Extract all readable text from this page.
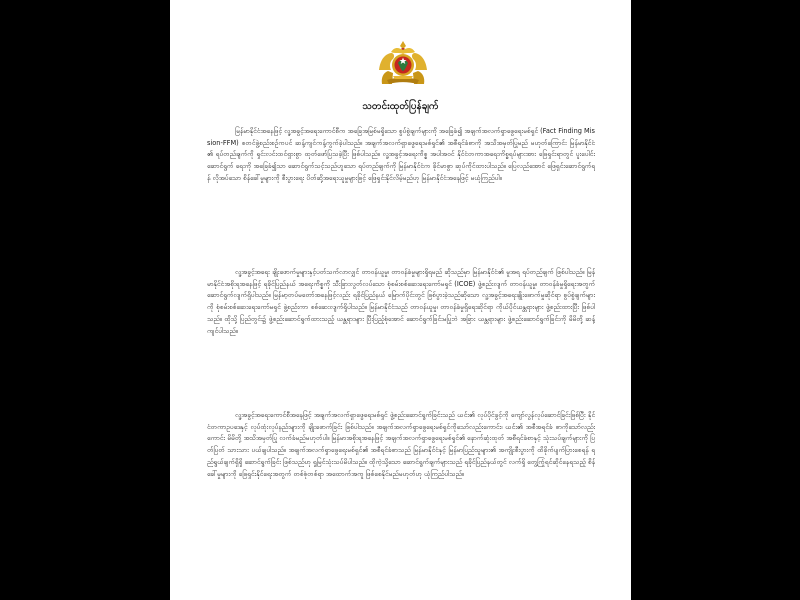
သတင်းထုတ်ပြန်ချက်

မြန်မာနိုင်ငံအနေဖြင့် လူ့အခွင့်အရေးကောင်စီက အခြေအမြစ်မရှိသော စွပ်စွဲချက်များကို အခြေခံ၍ အချက်အလက်ရှာဖွေရေးမစ်ရှင် (Fact Finding Mission-FFM) စတင်ဖွဲ့စည်းစဉ်ကပင် ဆန့်ကျင်ကန့်ကွက်ခဲ့ပါသည်။ အချက်အလက်ရှာဖွေရေးမစ်ရှင်၏ အစီရင်ခံစာကို အသိအမှတ်ပြုမည် မဟုတ်ကြောင်း မြန်မာနိုင်ငံ၏ ရပ်တည်ချက်ကို ရှင်းလင်းထင်ရှားစွာ ထုတ်ဖော်ပြသခဲ့ပြီး ဖြစ်ပါသည်။ လူ့အခွင့်အရေးကိစ္စ အပါအဝင် နိုင်ငံတကာအရေးကိစ္စရပ်များအား ဖြေရှင်းရာတွင် ပူးပေါင်းဆောင်ရွက် ရေးကို အခြေခံ၍သာ ဆောင်ရွက်သင့်သည်ဟူသော ရပ်တည်ချက်ကို မြန်မာနိုင်ငံက ခိုင်မာစွာ ဆုပ်ကိုင်ထားပါသည်။ ပြေလည်အောင် ဖြေရှင်းဆောင်ရွက်ရန် လိုအပ်သော စိန်ခေါ်မှုများကို စီးပွားရေး ပိတ်ဆို့အရေးယူမှုများဖြင့် ဖြေရှင်းနိုင်လိမ့်မည်ဟု မြန်မာနိုင်ငံအနေဖြင့် မယုံကြည်ပါ။

လူ့အခွင့်အရေး ချိုးဖောက်မှုများနှင့်ပတ်သက်လာလျှင် တာဝန်ယူမှု၊ တာဝန်ခံမှုများရှိရမည် ဆိုသည်မှာ မြန်မာနိုင်ငံ၏ မူအရ ရပ်တည်ချက် ဖြစ်ပါသည်။ မြန်မာနိုင်ငံအစိုးရအနေဖြင့် ရခိုင်ပြည်နယ် အရေးကိစ္စကို သီးခြားလွတ်လပ်သော စုံစမ်းစစ်ဆေးရေးကော်မရှင် (ICOE) ဖွဲ့စည်းလျက် တာဝန်ယူမှု၊ တာဝန်ခံမှုရှိရေးအတွက် ဆောင်ရွက်လျက်ရှိပါသည်။ မြန်မာ့တပ်မတော်အနေဖြင့်လည်း ရခိုင်ပြည်နယ် မြောက်ပိုင်းတွင် ဖြစ်ပွားခဲ့သည်ဆိုသော လူ့အခွင့်အရေးချိုးဖောက်မှုဆိုင်ရာ စွပ်စွဲချက်များကို စုံစမ်းစစ်ဆေးရေးကော်မရှင် ဖွဲ့စည်းကာ စစ်ဆေးလျက်ရှိပါသည်။ မြန်မာနိုင်ငံသည် တာဝန်ယူမှု၊ တာဝန်ခံမှုရှိရေးဆိုင်ရာ ကိုယ်ပိုင်ယန္တရားများ ဖွဲ့စည်းထားပြီး ဖြစ်ပါသည်။ ထိုသို့ ပြည်တွင်း၌ ဖွဲ့စည်းဆောင်ရွက်ထားသည့် ယန္တရားများ ပြီးပြည့်စုံအောင် ဆောင်ရွက်ခြင်းမပြုဘဲ အခြား ယန္တရားများ ဖွဲ့စည်းဆောင်ရွက်ခြင်းကို မိမိတို့ ဆန့်ကျင်ပါသည်။

လူ့အခွင့်အရေးကောင်စီအနေဖြင့် အချက်အလက်ရှာဖွေရေးမစ်ရှင် ဖွဲ့စည်းဆောင်ရွက်ခြင်းသည် ယင်း၏ လုပ်ပိုင်ခွင့်ကို ကျော်လွန်လုပ်ဆောင်ခြင်းဖြစ်ပြီး နိုင်ငံတကာဥပဒေနှင့် လုပ်ထုံးလုပ်နည်းများကို ချိုးဖောက်ခြင်း ဖြစ်ပါသည်။ အချက်အလက်ရှာဖွေရေးမစ်ရှင်ကိုသော်လည်းကောင်း၊ ယင်း၏ အစီအရင်ခံ စာကိုသော်လည်းကောင်း မိမိတို့ အသိအမှတ်ပြု လက်ခံမည်မဟုတ်ပါ။ မြန်မာအစိုးရအနေဖြင့် အချက်အလက်ရှာဖွေရေးမစ်ရှင်၏ နောက်ဆုံးထုတ် အစီရင်ခံစာနှင့် သုံးသပ်ချက်များကို ပြတ်ပြတ် သားသား ပယ်ချပါသည်။ အချက်အလက်ရှာဖွေရေးမစ်ရှင်၏ အစီရင်ခံစာသည် မြန်မာနိုင်ငံနှင့် မြန်မာပြည်သူများ၏ အကျိုးစီးပွားကို ထိခိုက်ပျက်ပြားစေရန် ရည်ရွယ်ချက်ရှိရှိ ဆောင်ရွက်ခြင်း ဖြစ်သည်ဟု ရှုမြင်သုံးသပ်မိပါသည်။ ထိုကဲ့သို့သော ဆောင်ရွက်ချက်များသည် ရခိုင်ပြည်နယ်တွင် လက်ရှိ တွေ့ကြုံရင်ဆိုင်နေရသည့် စိန်ခေါ်မှုများကို ဖြေရှင်းနိုင်ရေးအတွက် တစ်စုံတစ်ရာ အထောက်အကူ ဖြစ်စေနိုင်မည်မဟုတ်ဟု ယုံကြည်ပါသည်။
